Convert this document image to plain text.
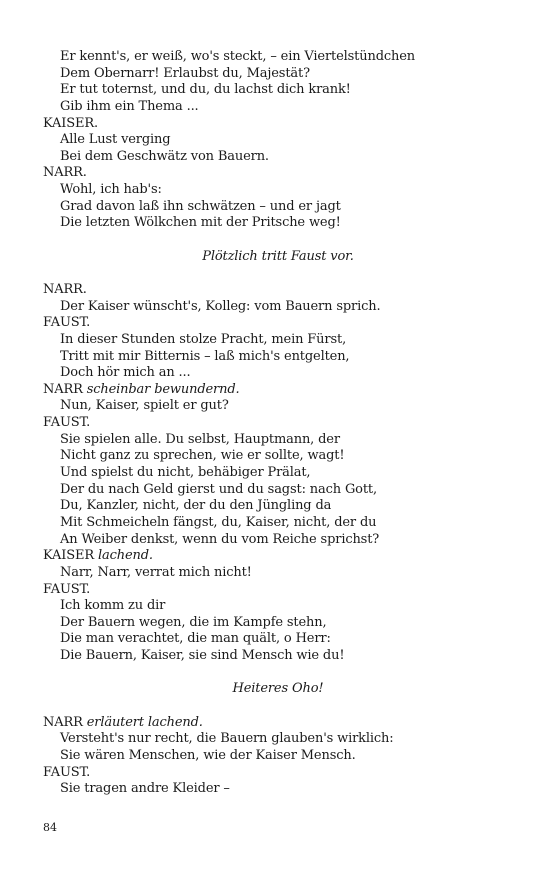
Er kennt's, er weiß, wo's steckt, – ein Viertelstündchen
Dem Obernarr! Erlaubst du, Majestät?
Er tut toternst, und du, du lachst dich krank!
Gib ihm ein Thema ...
KAISER.
Alle Lust verging
Bei dem Geschwätz von Bauern.
NARR.
Wohl, ich hab's:
Grad davon laß ihn schwätzen – und er jagt
Die letzten Wölkchen mit der Pritsche weg!
Plötzlich tritt Faust vor.
NARR.
Der Kaiser wünscht's, Kolleg: vom Bauern sprich.
FAUST.
In dieser Stunden stolze Pracht, mein Fürst,
Tritt mit mir Bitternis – laß mich's entgelten,
Doch hör mich an ...
NARR scheinbar bewundernd.
Nun, Kaiser, spielt er gut?
FAUST.
Sie spielen alle. Du selbst, Hauptmann, der
Nicht ganz zu sprechen, wie er sollte, wagt!
Und spielst du nicht, behäbiger Prälat,
Der du nach Geld gierst und du sagst: nach Gott,
Du, Kanzler, nicht, der du den Jüngling da
Mit Schmeicheln fängst, du, Kaiser, nicht, der du
An Weiber denkst, wenn du vom Reiche sprichst?
KAISER lachend.
Narr, Narr, verrat mich nicht!
FAUST.
Ich komm zu dir
Der Bauern wegen, die im Kampfe stehn,
Die man verachtet, die man quält, o Herr:
Die Bauern, Kaiser, sie sind Mensch wie du!
Heiteres Oho!
NARR erläutert lachend.
Versteht's nur recht, die Bauern glauben's wirklich:
Sie wären Menschen, wie der Kaiser Mensch.
FAUST.
Sie tragen andre Kleider –
84
